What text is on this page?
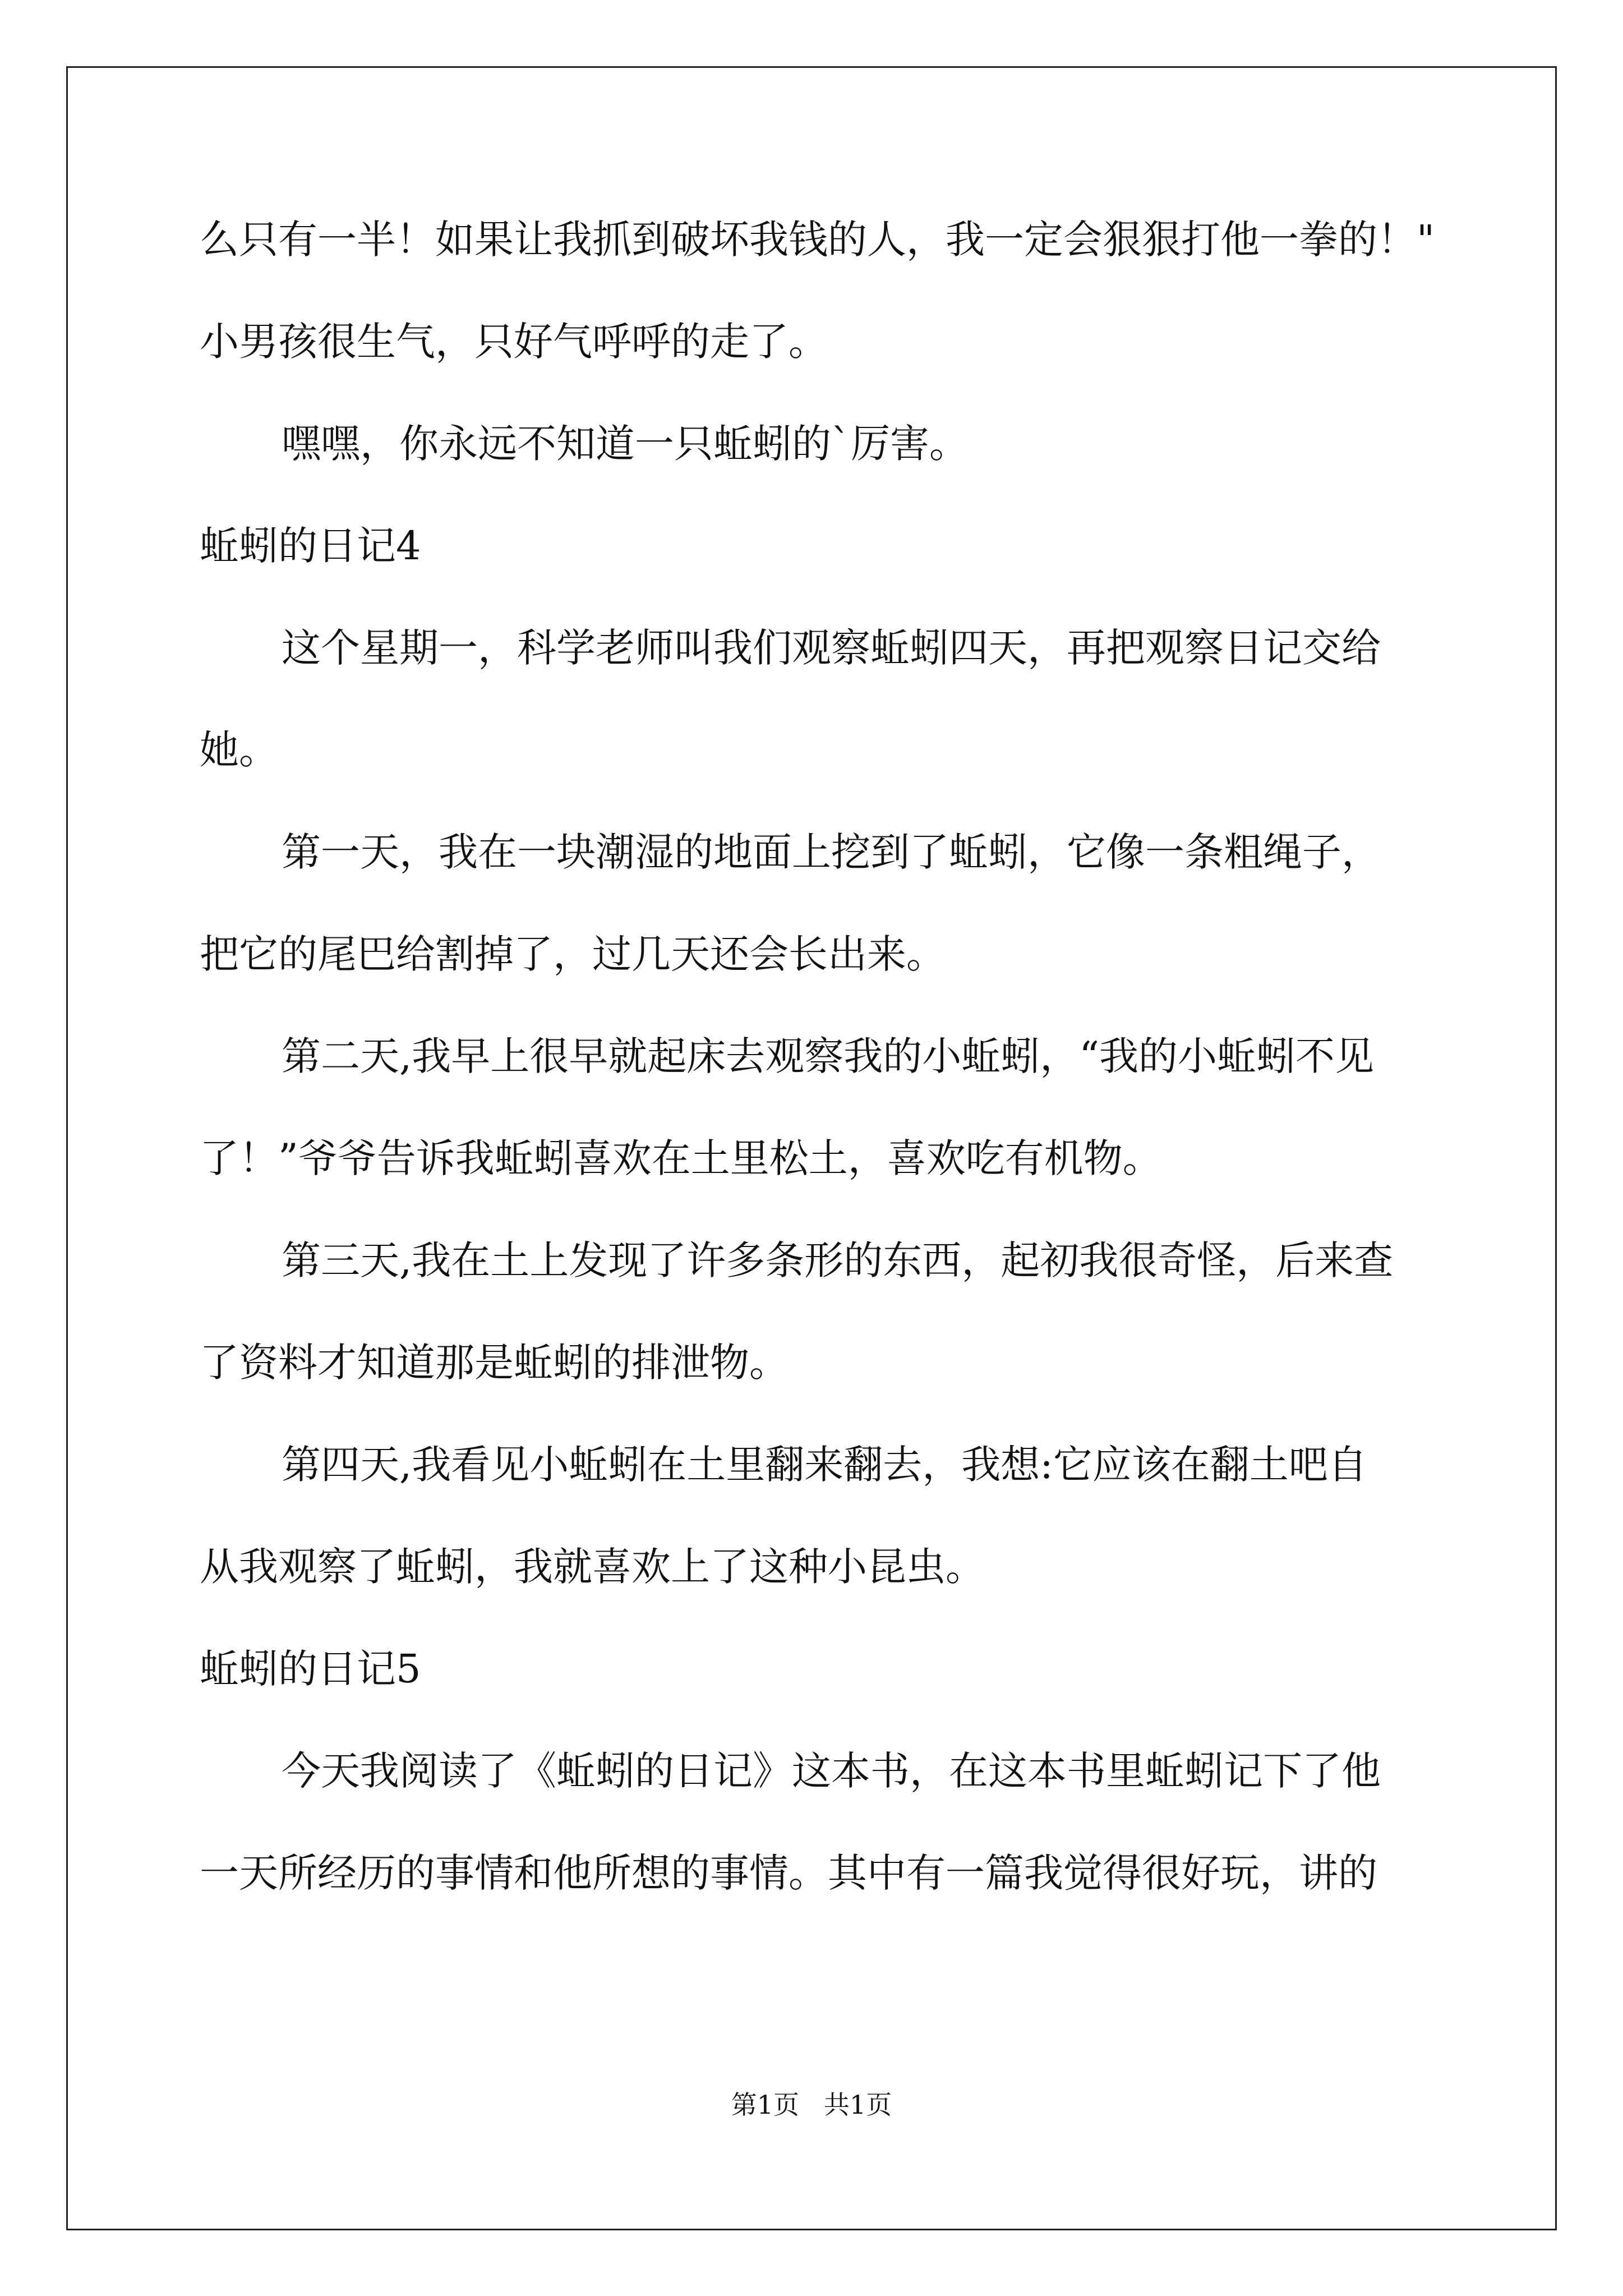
么只有一半！如果让我抓到破坏我钱的人，我一定会狠狠打他一拳的！"
小男孩很生气，只好气呼呼的走了。
嘿嘿，你永远不知道一只蚯蚓的`厉害。
蚯蚓的日记4
这个星期一，科学老师叫我们观察蚯蚓四天，再把观察日记交给
她。
第一天，我在一块潮湿的地面上挖到了蚯蚓，它像一条粗绳子，
把它的尾巴给割掉了，过几天还会长出来。
第二天,我早上很早就起床去观察我的小蚯蚓，“我的小蚯蚓不见
了！”爷爷告诉我蚯蚓喜欢在土里松土，喜欢吃有机物。
第三天,我在土上发现了许多条形的东西，起初我很奇怪，后来查
了资料才知道那是蚯蚓的排泄物。
第四天,我看见小蚯蚓在土里翻来翻去，我想:它应该在翻土吧自
从我观察了蚯蚓，我就喜欢上了这种小昆虫。
蚯蚓的日记5
今天我阅读了《蚯蚓的日记》这本书，在这本书里蚯蚓记下了他
一天所经历的事情和他所想的事情。其中有一篇我觉得很好玩，讲的
第1页   共1页
